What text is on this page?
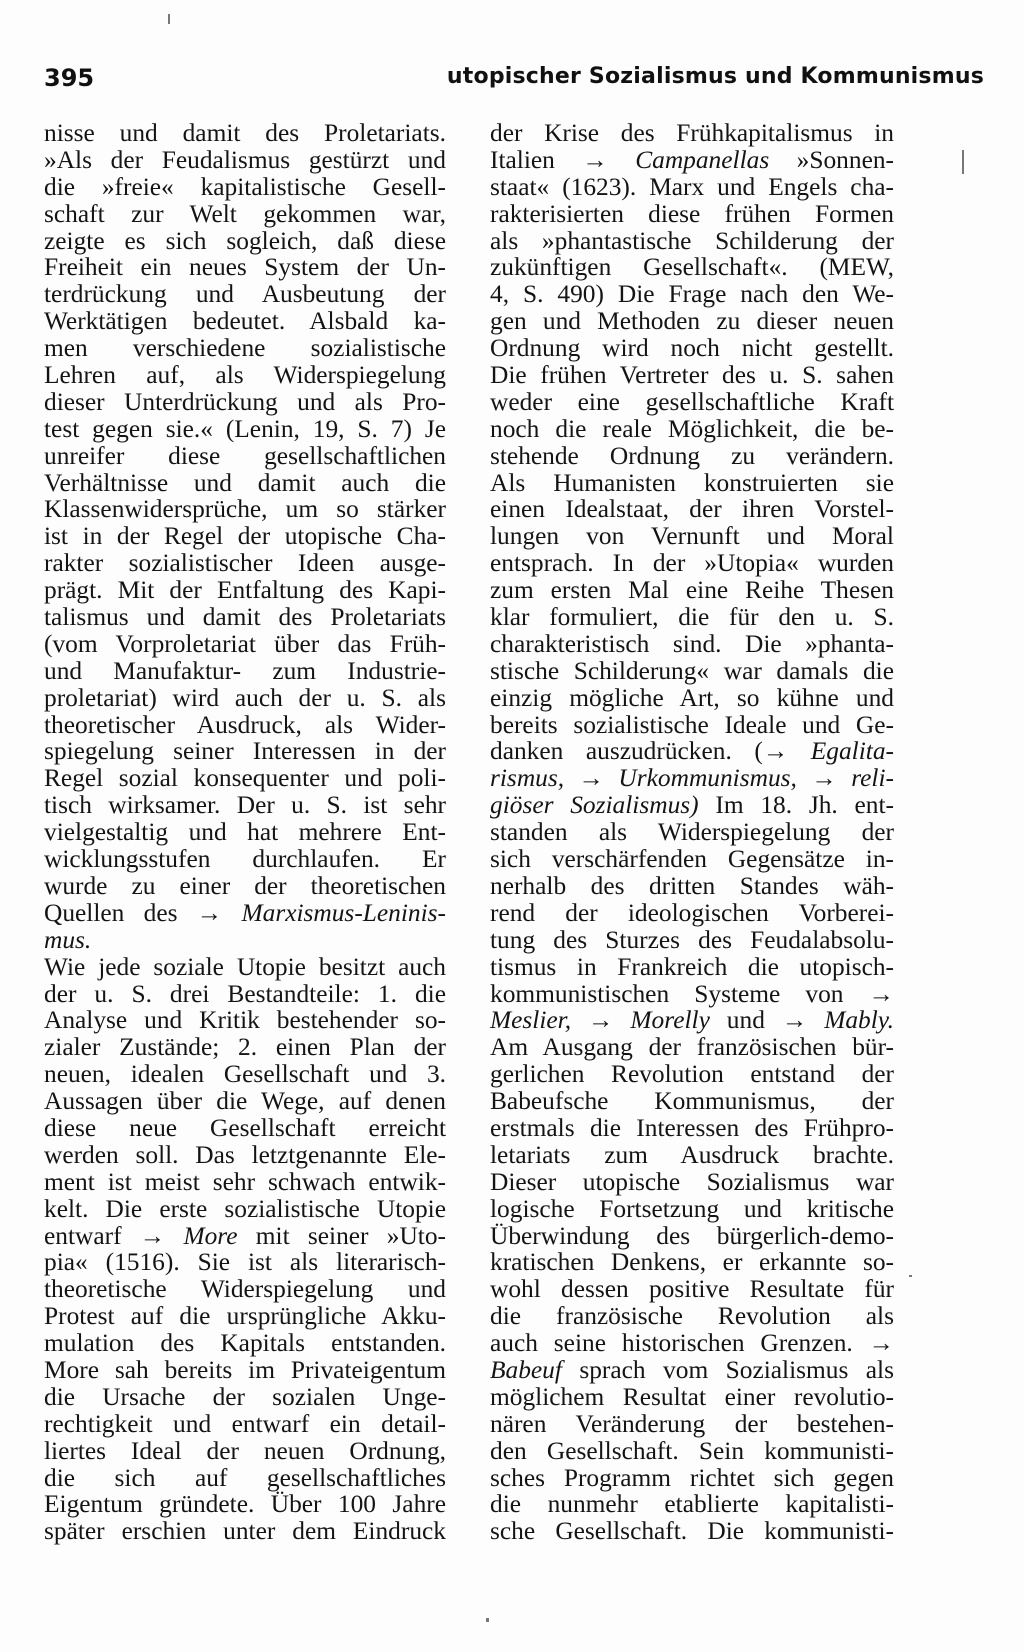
395	utopischer Sozialismus und Kommunismus
nisse und damit des Proletariats.
»Als der Feudalismus gestürzt und
die »freie« kapitalistische Gesell-
schaft zur Welt gekommen war,
zeigte es sich sogleich, daß diese
Freiheit ein neues System der Un-
terdrückung und Ausbeutung der
Werktätigen bedeutet. Alsbald ka-
men verschiedene sozialistische
Lehren auf, als Widerspiegelung
dieser Unterdrückung und als Pro-
test gegen sie.« (Lenin, 19, S. 7) Je
unreifer diese gesellschaftlichen
Verhältnisse und damit auch die
Klassenwidersprüche, um so stärker
ist in der Regel der utopische Cha-
rakter sozialistischer Ideen ausge-
prägt. Mit der Entfaltung des Kapi-
talismus und damit des Proletariats
(vom Vorproletariat über das Früh-
und Manufaktur- zum Industrie-
proletariat) wird auch der u. S. als
theoretischer Ausdruck, als Wider-
spiegelung seiner Interessen in der
Regel sozial konsequenter und poli-
tisch wirksamer. Der u. S. ist sehr
vielgestaltig und hat mehrere Ent-
wicklungsstufen durchlaufen. Er
wurde zu einer der theoretischen
Quellen des → Marxismus-Leninis-
mus.
Wie jede soziale Utopie besitzt auch
der u. S. drei Bestandteile: 1. die
Analyse und Kritik bestehender so-
zialer Zustände; 2. einen Plan der
neuen, idealen Gesellschaft und 3.
Aussagen über die Wege, auf denen
diese neue Gesellschaft erreicht
werden soll. Das letztgenannte Ele-
ment ist meist sehr schwach entwik-
kelt. Die erste sozialistische Utopie
entwarf → More mit seiner »Uto-
pia« (1516). Sie ist als literarisch-
theoretische Widerspiegelung und
Protest auf die ursprüngliche Akku-
mulation des Kapitals entstanden.
More sah bereits im Privateigentum
die Ursache der sozialen Unge-
rechtigkeit und entwarf ein detail-
liertes Ideal der neuen Ordnung,
die sich auf gesellschaftliches
Eigentum gründete. Über 100 Jahre
später erschien unter dem Eindruck
der Krise des Frühkapitalismus in
Italien → Campanellas »Sonnen-
staat« (1623). Marx und Engels cha-
rakterisierten diese frühen Formen
als »phantastische Schilderung der
zukünftigen Gesellschaft«. (MEW,
4, S. 490) Die Frage nach den We-
gen und Methoden zu dieser neuen
Ordnung wird noch nicht gestellt.
Die frühen Vertreter des u. S. sahen
weder eine gesellschaftliche Kraft
noch die reale Möglichkeit, die be-
stehende Ordnung zu verändern.
Als Humanisten konstruierten sie
einen Idealstaat, der ihren Vorstel-
lungen von Vernunft und Moral
entsprach. In der »Utopia« wurden
zum ersten Mal eine Reihe Thesen
klar formuliert, die für den u. S.
charakteristisch sind. Die »phanta-
stische Schilderung« war damals die
einzig mögliche Art, so kühne und
bereits sozialistische Ideale und Ge-
danken auszudrücken. (→ Egalita-
rismus, → Urkommunismus, → reli-
giöser Sozialismus) Im 18. Jh. ent-
standen als Widerspiegelung der
sich verschärfenden Gegensätze in-
nerhalb des dritten Standes wäh-
rend der ideologischen Vorberei-
tung des Sturzes des Feudalabsolu-
tismus in Frankreich die utopisch-
kommunistischen Systeme von →
Meslier, → Morelly und → Mably.
Am Ausgang der französischen bür-
gerlichen Revolution entstand der
Babeufsche Kommunismus, der
erstmals die Interessen des Frühpro-
letariats zum Ausdruck brachte.
Dieser utopische Sozialismus war
logische Fortsetzung und kritische
Überwindung des bürgerlich-demo-
kratischen Denkens, er erkannte so-
wohl dessen positive Resultate für
die französische Revolution als
auch seine historischen Grenzen. →
Babeuf sprach vom Sozialismus als
möglichem Resultat einer revolutio-
nären Veränderung der bestehen-
den Gesellschaft. Sein kommunisti-
sches Programm richtet sich gegen
die nunmehr etablierte kapitalisti-
sche Gesellschaft. Die kommunisti-
